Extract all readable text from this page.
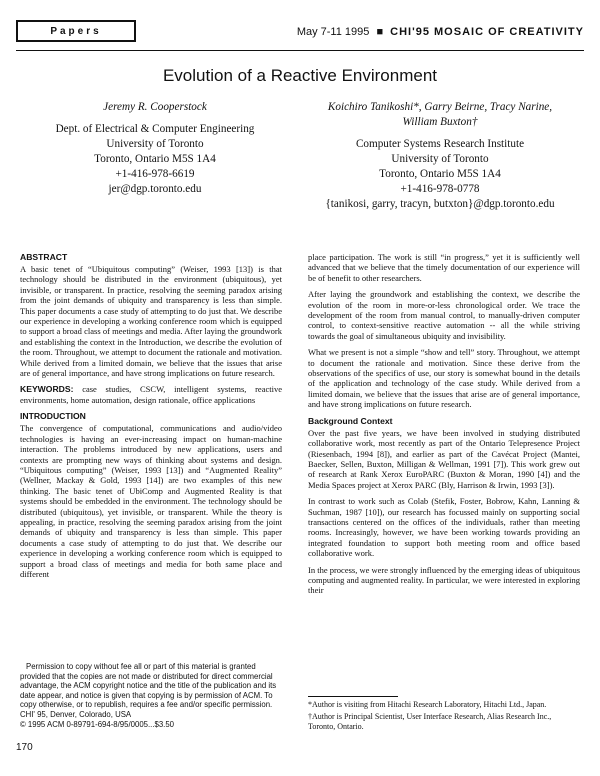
Papers	May 7-11 1995 ■ CHI'95 MOSAIC OF CREATIVITY
Evolution of a Reactive Environment
Jeremy R. Cooperstock
Dept. of Electrical & Computer Engineering
University of Toronto
Toronto, Ontario M5S 1A4
+1-416-978-6619
jer@dgp.toronto.edu
Koichiro Tanikoshi*, Garry Beirne, Tracy Narine,
William Buxton†
Computer Systems Research Institute
University of Toronto
Toronto, Ontario M5S 1A4
+1-416-978-0778
{tanikosi, garry, tracyn, butxton}@dgp.toronto.edu
ABSTRACT

A basic tenet of “Ubiquitous computing” (Weiser, 1993 [13]) is that technology should be distributed in the environment (ubiquitous), yet invisible, or transparent. In practice, resolving the seeming paradox arising from the joint demands of ubiquity and transparency is less than simple. This paper documents a case study of attempting to do just that. We describe our experience in developing a working conference room which is equipped to support a broad class of meetings and media. After laying the groundwork and establishing the context in the Introduction, we describe the evolution of the room. Throughout, we attempt to document the rationale and motivation. While derived from a limited domain, we believe that the issues that arise are of general importance, and have strong implications on future research.

KEYWORDS: case studies, CSCW, intelligent systems, reactive environments, home automation, design rationale, office applications

INTRODUCTION

The convergence of computational, communications and audio/video technologies is having an ever-increasing impact on human-machine interaction. The problems introduced by new applications, users and contexts are prompting new ways of thinking about systems and design. “Ubiquitous computing” (Weiser, 1993 [13]) and “Augmented Reality” (Wellner, Mackay & Gold, 1993 [14]) are two examples of this new thinking. The basic tenet of UbiComp and Augmented Reality is that systems should be embedded in the environment. The technology should be distributed (ubiquitous), yet invisible, or transparent. While the theory is appealing, in practice, resolving the seeming paradox arising from the joint demands of ubiquity and transparency is less than simple. This paper documents a case study of attempting to do just that. We describe our experience in developing a working conference room which is equipped to support a broad class of meetings and media for both same place and different

Permission to copy without fee all or part of this material is granted provided that the copies are not made or distributed for direct commercial advantage, the ACM copyright notice and the title of the publication and its date appear, and notice is given that copying is by permission of ACM. To copy otherwise, or to republish, requires a fee and/or specific permission.
CHI' 95, Denver, Colorado, USA
© 1995 ACM 0-89791-694-8/95/0005...$3.50

place participation. The work is still “in progress,” yet it is sufficiently well advanced that we believe that the timely documentation of our experience will be of benefit to other researchers.

After laying the groundwork and establishing the context, we describe the evolution of the room in more-or-less chronological order. We trace the development of the room from manual control, to manually-driven computer control, to context-sensitive reactive automation -- all the while striving towards the goal of simultaneous ubiquity and invisibility.

What we present is not a simple “show and tell” story. Throughout, we attempt to document the rationale and motivation. Since these derive from the observations of the specifics of use, our story is somewhat bound in the details of the application and technology of the case study. While derived from a limited domain, we believe that the issues that arise are of general importance, and have strong implications on future research.

Background Context

Over the past five years, we have been involved in studying distributed collaborative work, most recently as part of the Ontario Telepresence Project (Riesenbach, 1994 [8]), and earlier as part of the Cavécat Project (Mantei, Baecker, Sellen, Buxton, Milligan & Wellman, 1991 [7]). This work grew out of research at Rank Xerox EuroPARC (Buxton & Moran, 1990 [4]) and the Media Spaces project at Xerox PARC (Bly, Harrison & Irwin, 1993 [3]).

In contrast to work such as Colab (Stefik, Foster, Bobrow, Kahn, Lanning & Suchman, 1987 [10]), our research has focussed mainly on supporting social transactions centered on the offices of the individuals, rather than meeting rooms. Increasingly, however, we have been working towards providing an integrated foundation to support both meeting room and office based collaborative work.

In the process, we were strongly influenced by the emerging ideas of ubiquitous computing and augmented reality. In particular, we were interested in exploring their

*Author is visiting from Hitachi Research Laboratory, Hitachi Ltd., Japan.
†Author is Principal Scientist, User Interface Research, Alias Research Inc., Toronto, Ontario.
170
